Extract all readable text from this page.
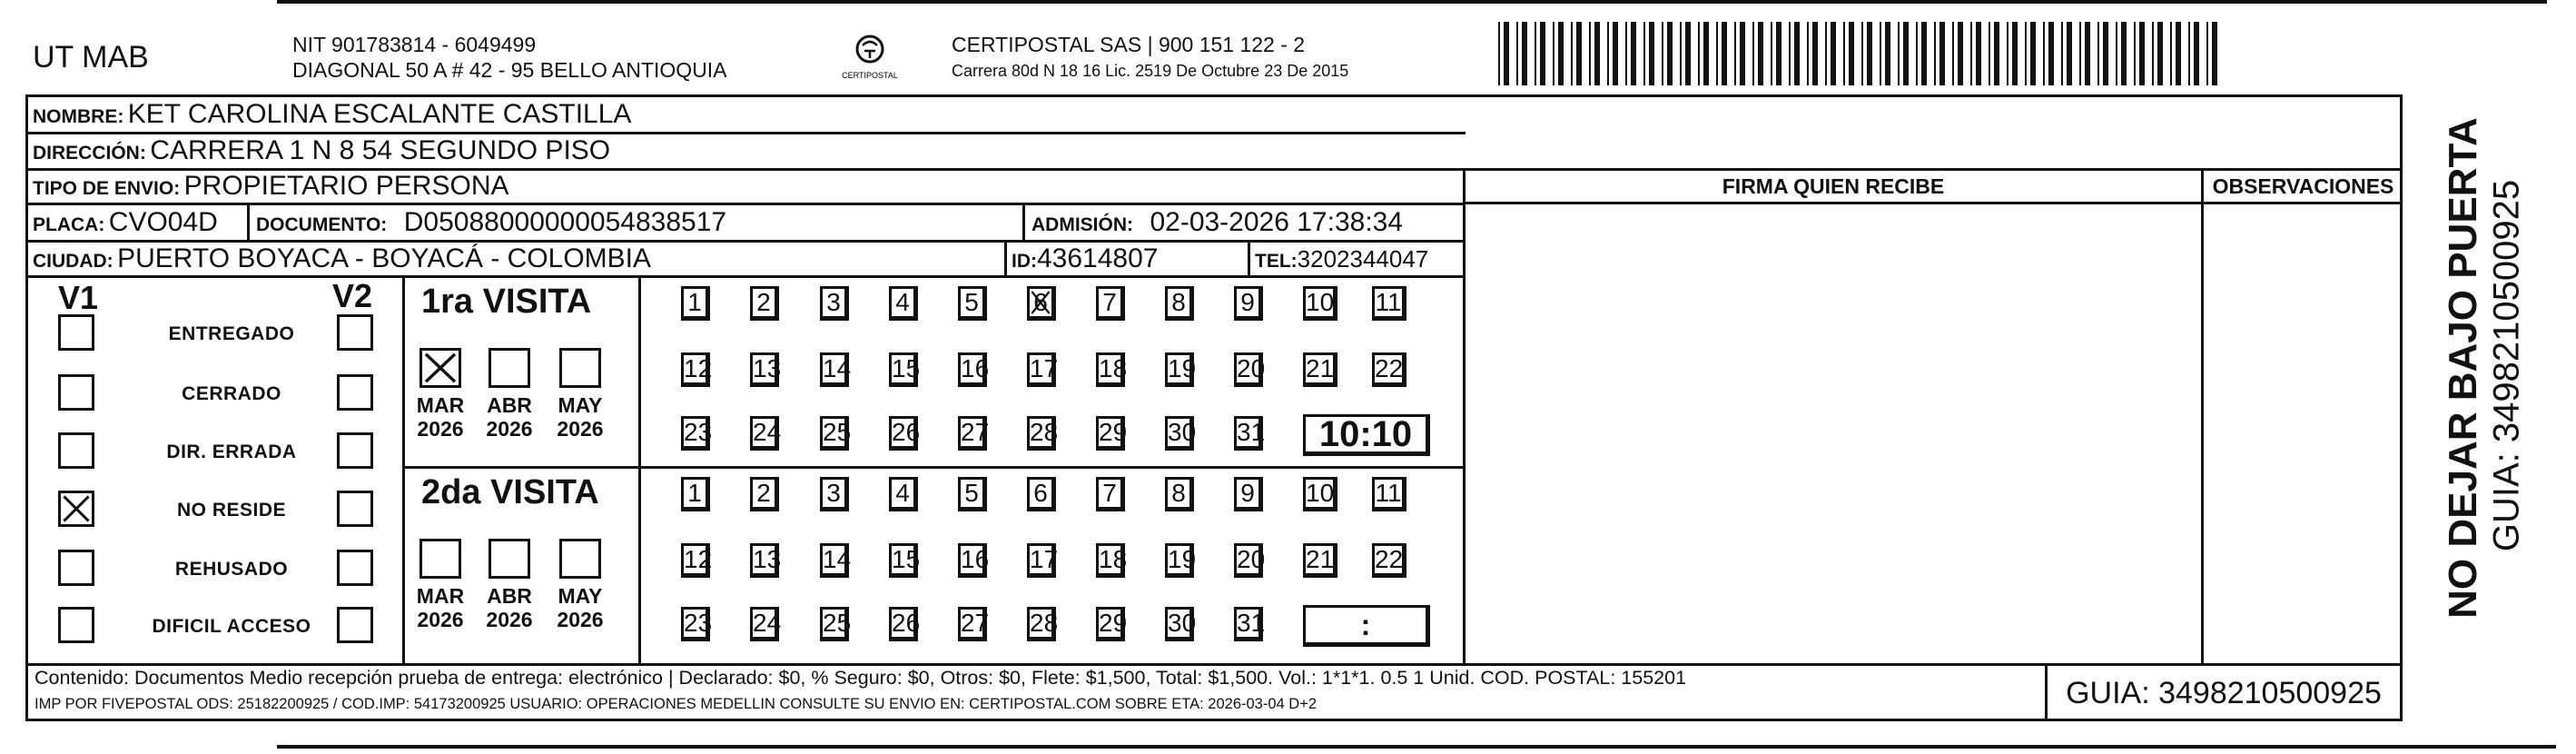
UT MAB	NIT 901783814 - 6049499
DIAGONAL 50 A # 42 - 95 BELLO ANTIOQUIA	CERTIPOSTAL
CERTIPOSTAL SAS | 900 151 122 - 2
Carrera 80d N 18 16 Lic. 2519 De Octubre 23 De 2015
NOMBRE: KET CAROLINA ESCALANTE CASTILLA
DIRECCIÓN: CARRERA 1 N 8 54 SEGUNDO PISO
TIPO DE ENVIO: PROPIETARIO PERSONA	FIRMA QUIEN RECIBE	OBSERVACIONES
PLACA: CVO04D DOCUMENTO: D05088000000054838517	ADMISIÓN: 02-03-2026 17:38:34
CIUDAD: PUERTO BOYACA - BOYACÁ - COLOMBIA	ID:43614807	TEL:3202344047
V1	V2
ENTREGADO
CERRADO
DIR. ERRADA
NO RESIDE
REHUSADO
DIFICIL ACCESO
1ra VISITA
MAR
2026
ABR
2026
MAY
2026
1	2	3	4	5	6	7	8	9	10 11
12 13 14 15 16 17 18 19 20 21 22
23 24 25 26 27 28 29 30 31	10:10
2da VISITA
MAR
2026
ABR
2026
MAY
2026
1	2	3	4	5	6	7	8	9	10 11
12 13 14 15 16 17 18 19 20 21 22
23 24 25 26 27 28 29 30 31	:
Contenido: Documentos Medio recepción prueba de entrega: electrónico | Declarado: $0, % Seguro: $0, Otros: $0, Flete: $1,500, Total: $1,500. Vol.: 1*1*1. 0.5 1 Unid. COD. POSTAL: 155201
IMP POR FIVEPOSTAL ODS: 25182200925 / COD.IMP: 54173200925 USUARIO: OPERACIONES MEDELLIN CONSULTE SU ENVIO EN: CERTIPOSTAL.COM SOBRE ETA: 2026-03-04 D+2	GUIA: 3498210500925
NO DEJAR BAJO PUERTA GUIA: 3498210500925
